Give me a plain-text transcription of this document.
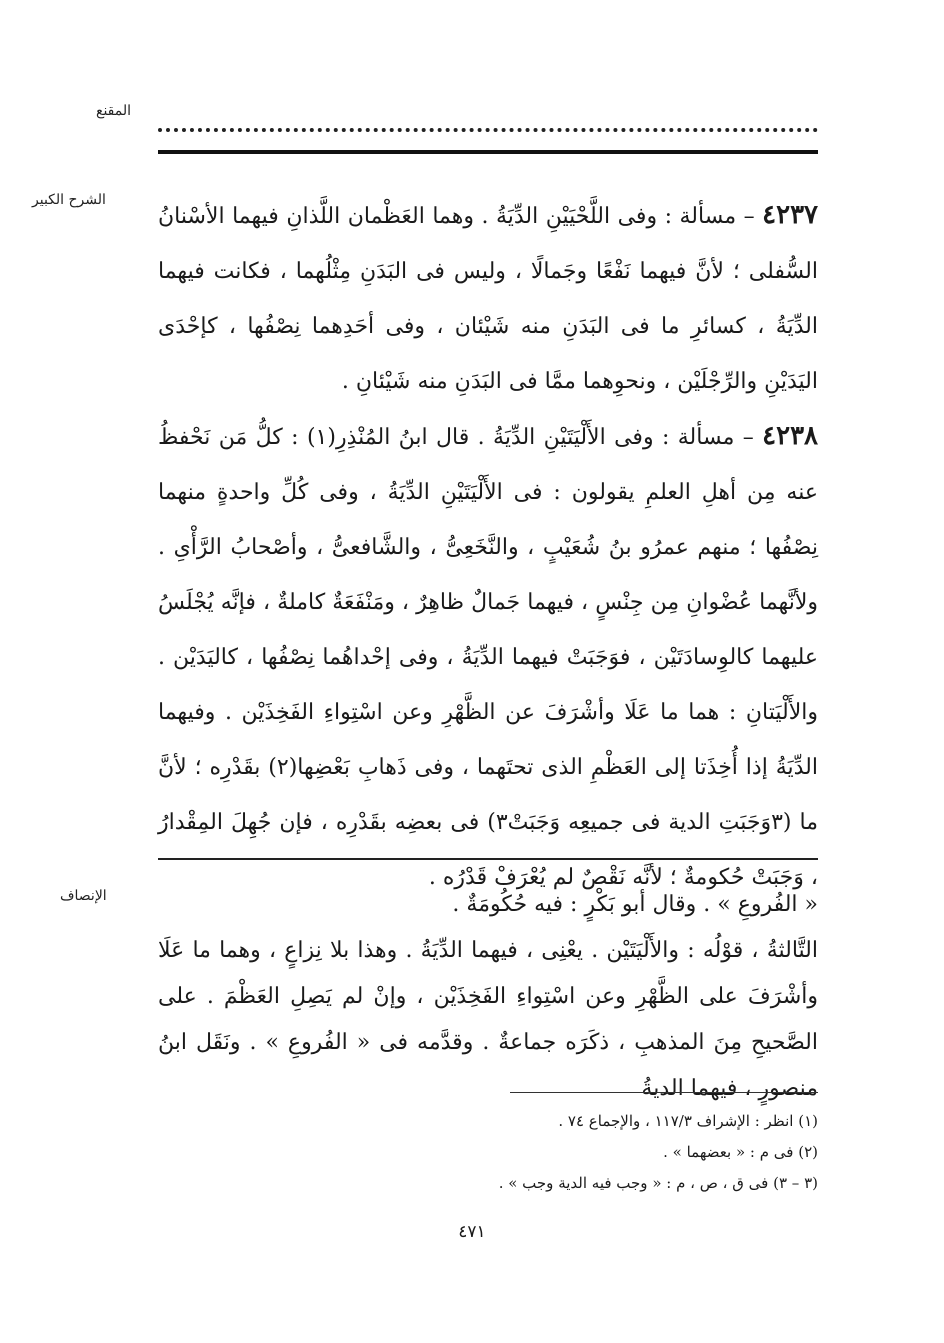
المقنع
الشرح الكبير	٤٢٣٧ – مسألة : وفى اللَّحْيَيْنِ الدِّيَةُ . وهما العَظْمان اللَّذانِ فيهما الأسْنانُ السُّفلى ؛ لأنَّ فيهما نَفْعًا وجَمالًا ، وليس فى البَدَنِ مِثْلُهما ، فكانت فيهما الدِّيَةُ ، كسائرِ ما فى البَدَنِ منه شَيْئان ، وفى أحَدِهما نِصْفُها ، كإحْدَى اليَدَيْنِ والرِّجْلَيْن ، ونحوِهما ممَّا فى البَدَنِ منه شَيْئانِ .

٤٢٣٨ – مسألة : وفى الأَلْيَتَيْنِ الدِّيَةُ . قال ابنُ المُنْذِرِ(١) : كلُّ مَن نَحْفظُ عنه مِن أهلِ العلمِ يقولون : فى الأَلْيَتَيْنِ الدِّيَةُ ، وفى كُلِّ واحدةٍ منهما نِصْفُها ؛ منهم عمرُو بنُ شُعَيْبٍ ، والنَّخَعِىُّ ، والشَّافعىُّ ، وأصْحابُ الرَّأْىِ . ولأنَّهما عُضْوانِ مِن جِنْسٍ ، فيهما جَمالٌ ظاهِرٌ ، ومَنْفَعَةٌ كاملةٌ ، فإنَّه يُجْلَسُ عليهما كالوِسادَتَيْن ، فوَجَبَتْ فيهما الدِّيَةُ ، وفى إحْداهُما نِصْفُها ، كاليَدَيْن . والأَلْيَتانِ : هما ما عَلَا وأشْرَفَ عن الظَّهْرِ وعن اسْتِواءِ الفَخِذَيْن . وفيهما الدِّيَةُ إذا أُخِذَتا إلى العَظْمِ الذى تحتَهما ، وفى ذَهابِ بَعْضِها(٢) بقَدْرِه ؛ لأنَّ ما (٣وَجَبَتِ الدية فى جميعِه وَجَبَتْ٣) فى بعضِه بقَدْرِه ، فإن جُهِلَ المِقْدارُ ، وَجَبَتْ حُكومةٌ ؛ لأنَّه نَقْصٌ لم يُعْرَفْ قَدْرُه .

الإنصاف	« الفُروعِ » . وقال أبو بَكْرٍ : فيه حُكُومَةٌ .

التَّالثةُ ، قوْلُه : والأَلْيَتَيْن . يعْنِى ، فيهما الدِّيَةُ . وهذا بلا نِزاعٍ ، وهما ما عَلَا وأشْرَفَ على الظَّهْرِ وعن اسْتِواءِ الفَخِذَيْن ، وإنْ لم يَصِلِ العَظْمَ . على الصَّحيحِ مِنَ المذهبِ ، ذكَرَه جماعةٌ . وقدَّمه فى « الفُروعِ » . ونَقَل ابنُ منصورٍ ، فيهما الديةُ

(١) انظر : الإشراف ١١٧/٣ ، والإجماع ٧٤ .
(٢) فى م : « بعضهما » .
(٣ – ٣) فى ق ، ص ، م : « وجب فيه الدية وجب » .
٤٧١
